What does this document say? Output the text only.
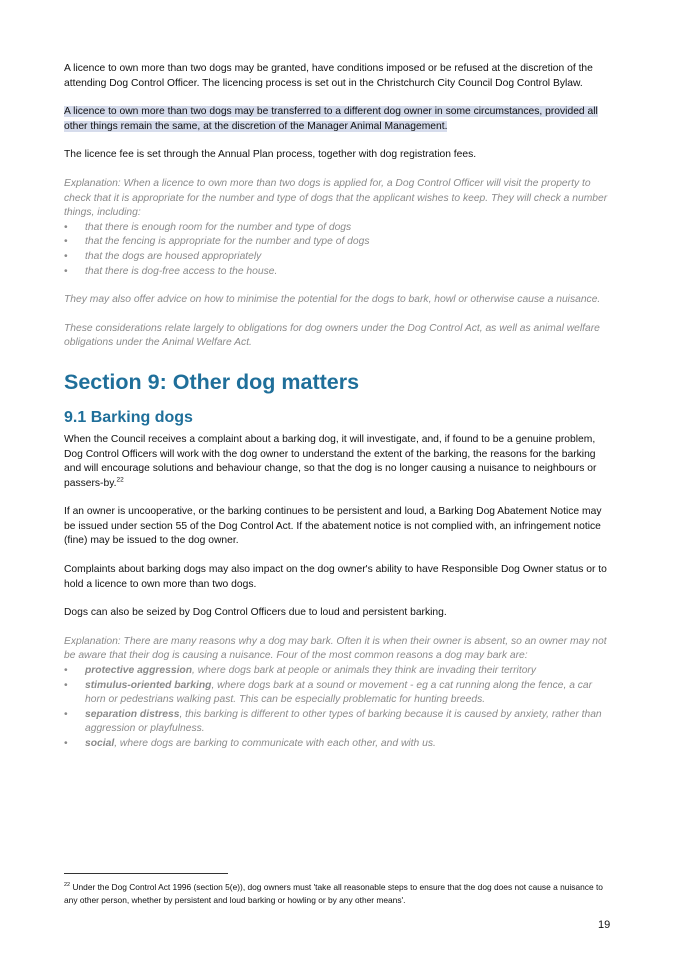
A licence to own more than two dogs may be granted, have conditions imposed or be refused at the discretion of the attending Dog Control Officer. The licencing process is set out in the Christchurch City Council Dog Control Bylaw.

A licence to own more than two dogs may be transferred to a different dog owner in some circumstances, provided all other things remain the same, at the discretion of the Manager Animal Management.

The licence fee is set through the Annual Plan process, together with dog registration fees.

Explanation: When a licence to own more than two dogs is applied for, a Dog Control Officer will visit the property to check that it is appropriate for the number and type of dogs that the applicant wishes to keep. They will check a number things, including:

• that there is enough room for the number and type of dogs
• that the fencing is appropriate for the number and type of dogs
• that the dogs are housed appropriately
• that there is dog-free access to the house.

They may also offer advice on how to minimise the potential for the dogs to bark, howl or otherwise cause a nuisance.

These considerations relate largely to obligations for dog owners under the Dog Control Act, as well as animal welfare obligations under the Animal Welfare Act.

Section 9: Other dog matters
9.1 Barking dogs

When the Council receives a complaint about a barking dog, it will investigate, and, if found to be a genuine problem, Dog Control Officers will work with the dog owner to understand the extent of the barking, the reasons for the barking and will encourage solutions and behaviour change, so that the dog is no longer causing a nuisance to neighbours or passers-by.$^{22}$

If an owner is uncooperative, or the barking continues to be persistent and loud, a Barking Dog Abatement Notice may be issued under section 55 of the Dog Control Act. If the abatement notice is not complied with, an infringement notice (fine) may be issued to the dog owner.

Complaints about barking dogs may also impact on the dog owner's ability to have Responsible Dog Owner status or to hold a licence to own more than two dogs.

Dogs can also be seized by Dog Control Officers due to loud and persistent barking.

Explanation: There are many reasons why a dog may bark. Often it is when their owner is absent, so an owner may not be aware that their dog is causing a nuisance. Four of the most common reasons a dog may bark are:

• protective aggression, where dogs bark at people or animals they think are invading their territory
• stimulus-oriented barking, where dogs bark at a sound or movement - eg a cat running along the fence, a car horn or pedestrians walking past. This can be especially problematic for hunting breeds.
• separation distress, this barking is different to other types of barking because it is caused by anxiety, rather than aggression or playfulness.
• social, where dogs are barking to communicate with each other, and with us.

$^{22}$ Under the Dog Control Act 1996 (section 5(e)), dog owners must 'take all reasonable steps to ensure that the dog does not cause a nuisance to any other person, whether by persistent and loud barking or howling or by any other means'.

19
